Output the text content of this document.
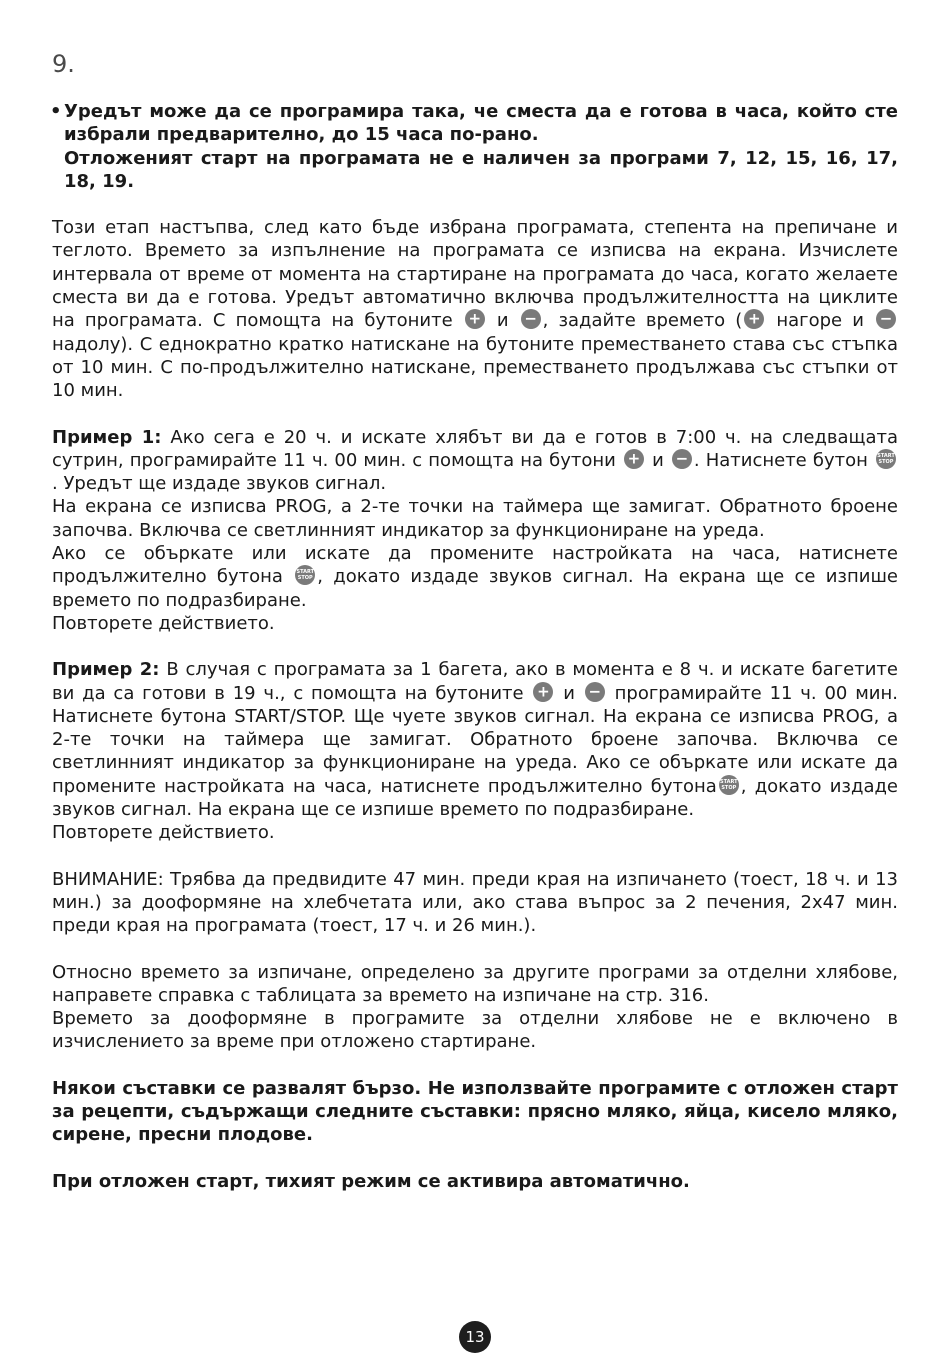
9.
• Уредът може да се програмира така, че сместа да е готова в часа, който сте избрали предварително, до 15 часа по-рано.

Отложеният старт на програмата не е наличен за програми 7, 12, 15, 16, 17, 18, 19.

Този етап настъпва, след като бъде избрана програмата, степента на препичане и теглото. Времето за изпълнение на програмата се изписва на екрана. Изчислете интервала от време от момента на стартиране на програмата до часа, когато желаете сместа ви да е готова. Уредът автоматично включва продължителността на циклите на програмата. С помощта на бутоните + и − , задайте времето ( + нагоре и −
надолу). С еднократно кратко натискане на бутоните преместването става със стъпка от 10 мин. С по-продължително натискане, преместването продължава със стъпки от 10 мин.

Пример 1: Ако сега е 20 ч. и искате хлябът ви да е готов в 7:00 ч. на следващата сутрин, програмирайте 11 ч. 00 мин. с помощта на бутони + и − . Натиснете бутон START
STOP
. Уредът ще издаде звуков сигнал.

На екрана се изписва PROG, а 2-те точки на таймера ще замигат. Обратното броене започва. Включва се светлинният индикатор за функциониране на уреда.

Ако се объркате или искате да промените настройката на часа, натиснете продължително бутона	START
STOP , докато издаде звуков сигнал. На екрана ще се изпише времето по подразбиране.

Повторете действието.

Пример 2: В случая с програмата за 1 багета, ако в момента е 8 ч. и искате багетите ви да са готови в 19 ч., с помощта на бутоните + и − програмирайте 11 ч. 00 мин. Натиснете бутона START/STOP. Ще чуете звуков сигнал. На екрана се изписва PROG, а 2-те точки на таймера ще замигат. Обратното броене започва. Включва се светлинният индикатор за функциониране на уреда. Ако се объркате или искате да промените настройката на часа, натиснете продължително бутона START
STOP , докато издаде звуков сигнал. На екрана ще се изпише времето по подразбиране.

Повторете действието.

ВНИМАНИЕ: Трябва да предвидите 47 мин. преди края на изпичането (тоест, 18 ч. и 13 мин.) за дооформяне на хлебчетата или, ако става въпрос за 2 печения, 2x47 мин. преди края на програмата (тоест, 17 ч. и 26 мин.).

Относно времето за изпичане, определено за другите програми за отделни хлябове, направете справка с таблицата за времето на изпичане на стр. 316.

Времето за дооформяне в програмите за отделни хлябове не е включено в изчислението за време при отложено стартиране.

Някои съставки се развалят бързо. Не използвайте програмите с отложен старт за рецепти, съдържащи следните съставки: прясно мляко, яйца, кисело мляко, сирене, пресни плодове.

При отложен старт, тихият режим се активира автоматично.

13
